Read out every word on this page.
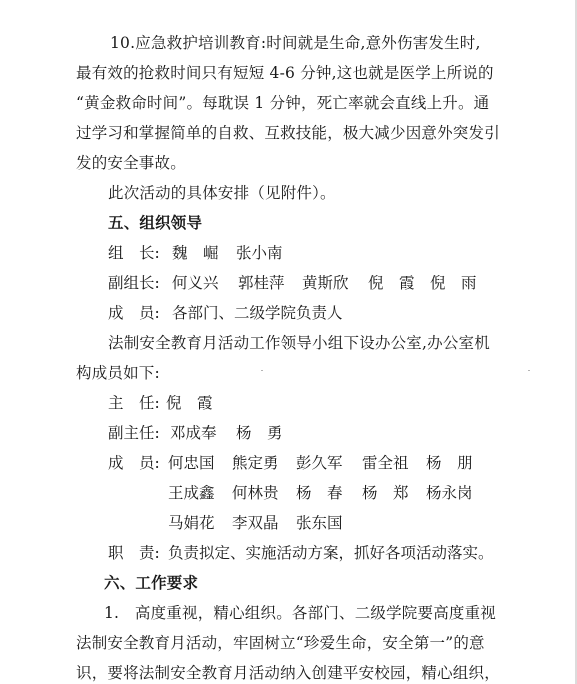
10.应急救护培训教育:时间就是生命,意外伤害发生时,
最有效的抢救时间只有短短 4-6 分钟,这也就是医学上所说的
“黄金救命时间”。每耽误 1 分钟，死亡率就会直线上升。通
过学习和掌握简单的自救、互救技能，极大减少因意外突发引
发的安全事故。
此次活动的具体安排（见附件）。
五、组织领导
组　长: 魏　崛 张小南
副组长: 何义兴 郭桂萍 黄斯欣 倪　霞 倪　雨
成　员: 各部门、二级学院负责人
法制安全教育月活动工作领导小组下设办公室,办公室机
构成员如下:
主　任: 倪　霞
副主任: 邓成奉 杨　勇
成　员: 何忠国 熊定勇 彭久军 雷全祖 杨　朋
王成鑫 何林贵 杨　春 杨　郑 杨永岗
马娟花 李双晶 张东国
职　责: 负责拟定、实施活动方案，抓好各项活动落实。
六、工作要求
1.　高度重视，精心组织。各部门、二级学院要高度重视
法制安全教育月活动，牢固树立“珍爱生命，安全第一”的意
识，要将法制安全教育月活动纳入创建平安校园，精心组织，
